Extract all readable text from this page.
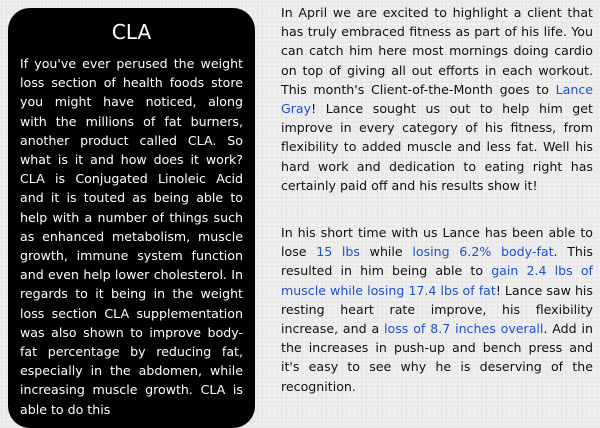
CLA

If you've ever perused the weight loss section of health foods store you might have noticed, along with the millions of fat burners, another product called CLA. So what is it and how does it work? CLA is Conjugated Linoleic Acid and it is touted as being able to help with a number of things such as enhanced metabolism, muscle growth, immune system function and even help lower cholesterol. In regards to it being in the weight loss section CLA supplementation was also shown to improve body-fat percentage by reducing fat, especially in the abdomen, while increasing muscle growth. CLA is able to do this

In April we are excited to highlight a client that has truly embraced fitness as part of his life. You can catch him here most mornings doing cardio on top of giving all out efforts in each workout. This month's Client-of-the-Month goes to Lance Gray! Lance sought us out to help him get improve in every category of his fitness, from flexibility to added muscle and less fat. Well his hard work and dedication to eating right has certainly paid off and his results show it!

In his short time with us Lance has been able to lose 15 lbs while losing 6.2% body-fat. This resulted in him being able to gain 2.4 lbs of muscle while losing 17.4 lbs of fat! Lance saw his resting heart rate improve, his flexibility increase, and a loss of 8.7 inches overall. Add in the increases in push-up and bench press and it's easy to see why he is deserving of the recognition.
